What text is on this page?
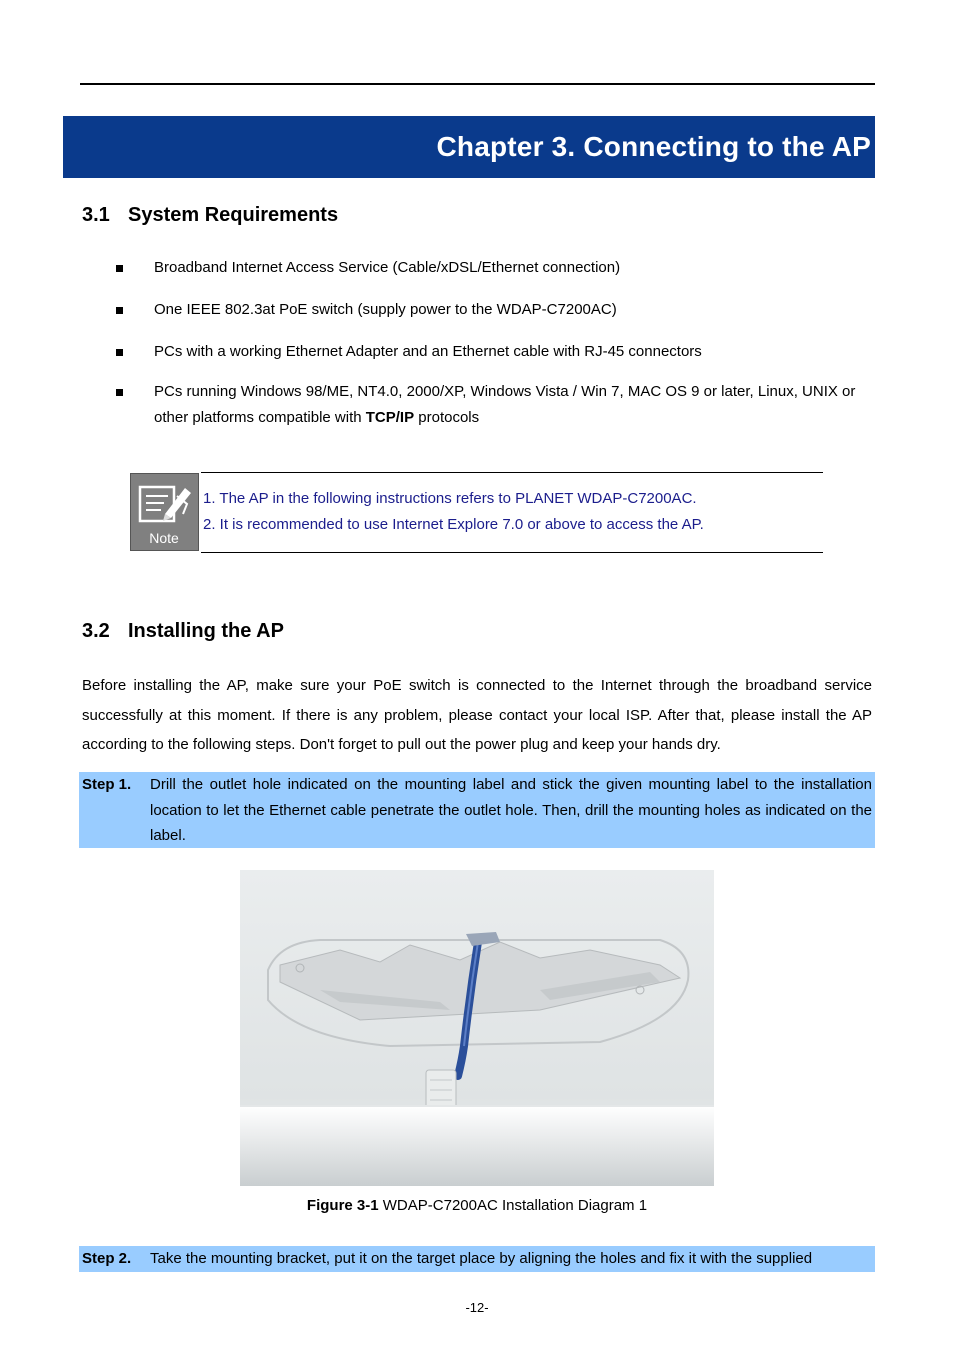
Chapter 3. Connecting to the AP
3.1 System Requirements
Broadband Internet Access Service (Cable/xDSL/Ethernet connection)
One IEEE 802.3at PoE switch (supply power to the WDAP-C7200AC)
PCs with a working Ethernet Adapter and an Ethernet cable with RJ-45 connectors
PCs running Windows 98/ME, NT4.0, 2000/XP, Windows Vista / Win 7, MAC OS 9 or later, Linux, UNIX or other platforms compatible with TCP/IP protocols
Note
1. The AP in the following instructions refers to PLANET WDAP-C7200AC.
2. It is recommended to use Internet Explore 7.0 or above to access the AP.
3.2 Installing the AP

Before installing the AP, make sure your PoE switch is connected to the Internet through the broadband service successfully at this moment. If there is any problem, please contact your local ISP. After that, please install the AP according to the following steps. Don't forget to pull out the power plug and keep your hands dry.

Step 1. Drill the outlet hole indicated on the mounting label and stick the given mounting label to the installation location to let the Ethernet cable penetrate the outlet hole. Then, drill the mounting holes as indicated on the label.
Figure 3-1 WDAP-C7200AC Installation Diagram 1
Step 2. Take the mounting bracket, put it on the target place by aligning the holes and fix it with the supplied
-12-
